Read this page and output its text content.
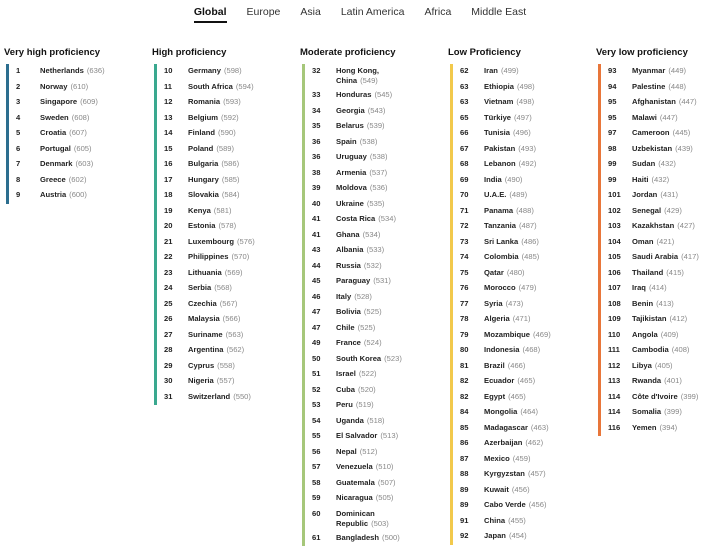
Global Europe Asia Latin America Africa Middle East
Very high proficiency
1	Netherlands (636)
2	Norway (610)
3	Singapore (609)
4	Sweden (608)
5	Croatia (607)
6	Portugal (605)
7	Denmark (603)
8	Greece (602)
9	Austria (600)
High proficiency
10	Germany (598)
11	South Africa (594)
12	Romania (593)
13	Belgium (592)
14	Finland (590)
15	Poland (589)
16	Bulgaria (586)
17	Hungary (585)
18	Slovakia (584)
19	Kenya (581)
20	Estonia (578)
21	Luxembourg (576)
22	Philippines (570)
23	Lithuania (569)
24	Serbia (568)
25	Czechia (567)
26	Malaysia (566)
27	Suriname (563)
28	Argentina (562)
29	Cyprus (558)
30	Nigeria (557)
31	Switzerland (550)
Moderate proficiency
32	Hong Kong, China (549)
33	Honduras (545)
34	Georgia (543)
35	Belarus (539)
36	Spain (538)
36	Uruguay (538)
38	Armenia (537)
39	Moldova (536)
40	Ukraine (535)
41	Costa Rica (534)
41	Ghana (534)
43	Albania (533)
44	Russia (532)
45	Paraguay (531)
46	Italy (528)
47	Bolivia (525)
47	Chile (525)
49	France (524)
50	South Korea (523)
51	Israel (522)
52	Cuba (520)
53	Peru (519)
54	Uganda (518)
55	El Salvador (513)
56	Nepal (512)
57	Venezuela (510)
58	Guatemala (507)
59	Nicaragua (505)
60	Dominican Republic (503)
61	Bangladesh (500)
Low Proficiency
62	Iran (499)
63	Ethiopia (498)
63	Vietnam (498)
65	Türkiye (497)
66	Tunisia (496)
67	Pakistan (493)
68	Lebanon (492)
69	India (490)
70	U.A.E. (489)
71	Panama (488)
72	Tanzania (487)
73	Sri Lanka (486)
74	Colombia (485)
75	Qatar (480)
76	Morocco (479)
77	Syria (473)
78	Algeria (471)
79	Mozambique (469)
80	Indonesia (468)
81	Brazil (466)
82	Ecuador (465)
82	Egypt (465)
84	Mongolia (464)
85	Madagascar (463)
86	Azerbaijan (462)
87	Mexico (459)
88	Kyrgyzstan (457)
89	Kuwait (456)
89	Cabo Verde (456)
91	China (455)
92	Japan (454)
Very low proficiency
93	Myanmar (449)
94	Palestine (448)
95	Afghanistan (447)
95	Malawi (447)
97	Cameroon (445)
98	Uzbekistan (439)
99	Sudan (432)
99	Haiti (432)
101	Jordan (431)
102	Senegal (429)
103	Kazakhstan (427)
104	Oman (421)
105	Saudi Arabia (417)
106	Thailand (415)
107	Iraq (414)
108	Benin (413)
109	Tajikistan (412)
110	Angola (409)
111	Cambodia (408)
112	Libya (405)
113	Rwanda (401)
114	Côte d'Ivoire (399)
114	Somalia (399)
116	Yemen (394)
